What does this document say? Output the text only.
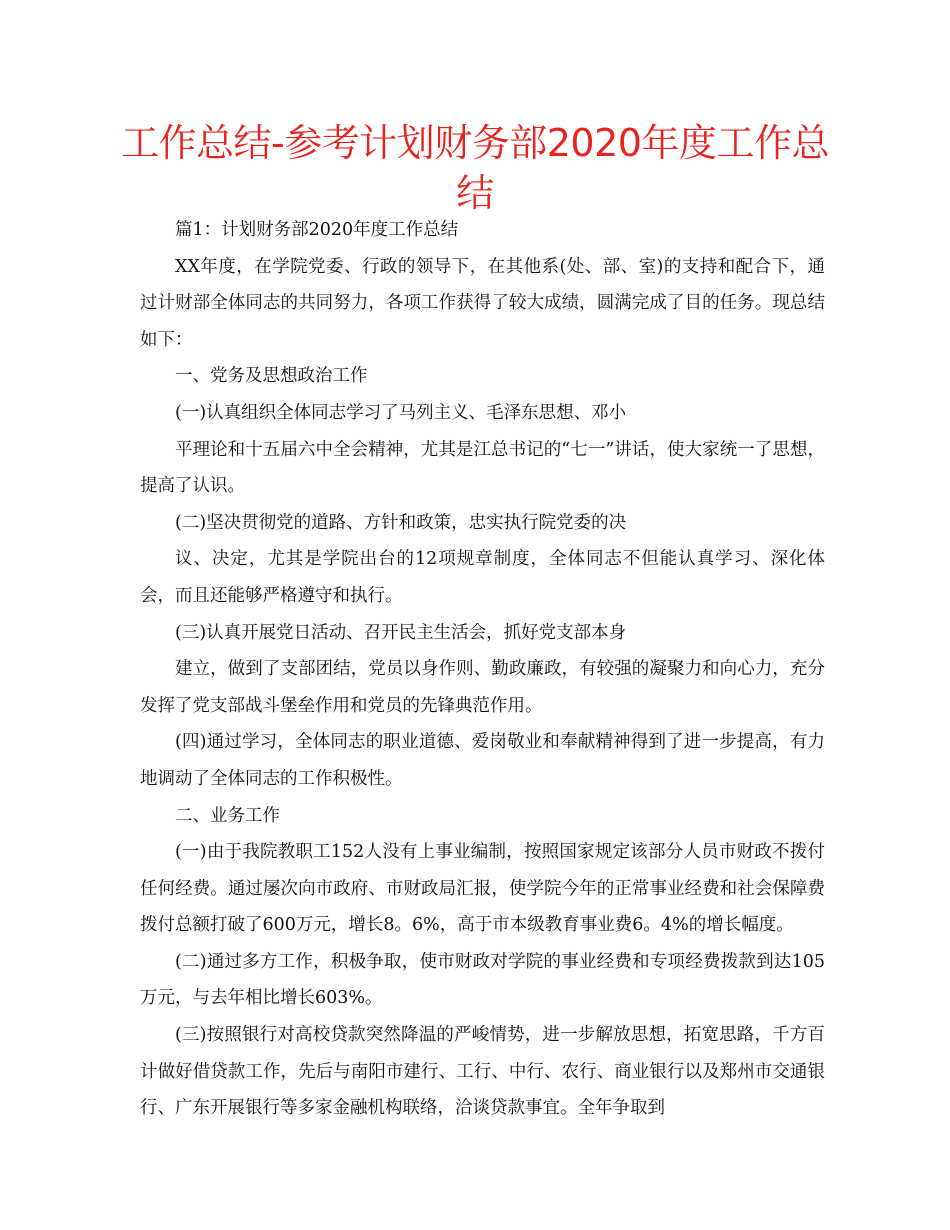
工作总结-参考计划财务部2020年度工作总结

篇1：计划财务部2020年度工作总结

XX年度，在学院党委、行政的领导下，在其他系(处、部、室)的支持和配合下，通过计财部全体同志的共同努力，各项工作获得了较大成绩，圆满完成了目的任务。现总结如下：

一、党务及思想政治工作

(一)认真组织全体同志学习了马列主义、毛泽东思想、邓小

平理论和十五届六中全会精神，尤其是江总书记的“七一”讲话，使大家统一了思想，提高了认识。

(二)坚决贯彻党的道路、方针和政策，忠实执行院党委的决

议、决定，尤其是学院出台的12项规章制度，全体同志不但能认真学习、深化体会，而且还能够严格遵守和执行。

(三)认真开展党日活动、召开民主生活会，抓好党支部本身

建立，做到了支部团结，党员以身作则、勤政廉政，有较强的凝聚力和向心力，充分发挥了党支部战斗堡垒作用和党员的先锋典范作用。

(四)通过学习，全体同志的职业道德、爱岗敬业和奉献精神得到了进一步提高，有力地调动了全体同志的工作积极性。

二、业务工作

(一)由于我院教职工152人没有上事业编制，按照国家规定该部分人员市财政不拨付任何经费。通过屡次向市政府、市财政局汇报，使学院今年的正常事业经费和社会保障费拨付总额打破了600万元，增长8。6%，高于市本级教育事业费6。4%的增长幅度。

(二)通过多方工作，积极争取，使市财政对学院的事业经费和专项经费拨款到达105万元，与去年相比增长603%。

(三)按照银行对高校贷款突然降温的严峻情势，进一步解放思想，拓宽思路，千方百计做好借贷款工作，先后与南阳市建行、工行、中行、农行、商业银行以及郑州市交通银行、广东开展银行等多家金融机构联络，洽谈贷款事宜。全年争取到
